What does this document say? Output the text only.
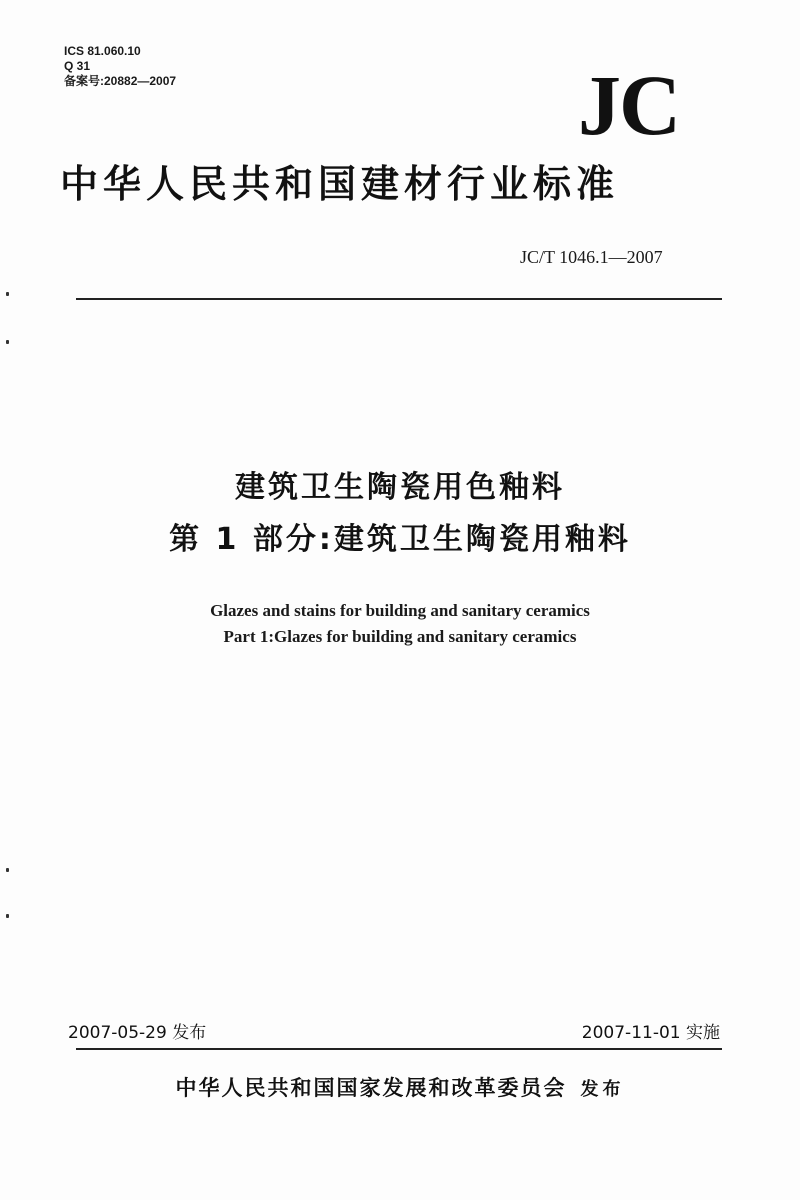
ICS 81.060.10
Q 31
备案号:20882—2007	JC
中华人民共和国建材行业标准
JC/T 1046.1—2007
建筑卫生陶瓷用色釉料
第 1 部分:建筑卫生陶瓷用釉料
Glazes and stains for building and sanitary ceramics
Part 1:Glazes for building and sanitary ceramics
2007-05-29 发布	2007-11-01 实施
中华人民共和国国家发展和改革委员会 发布
